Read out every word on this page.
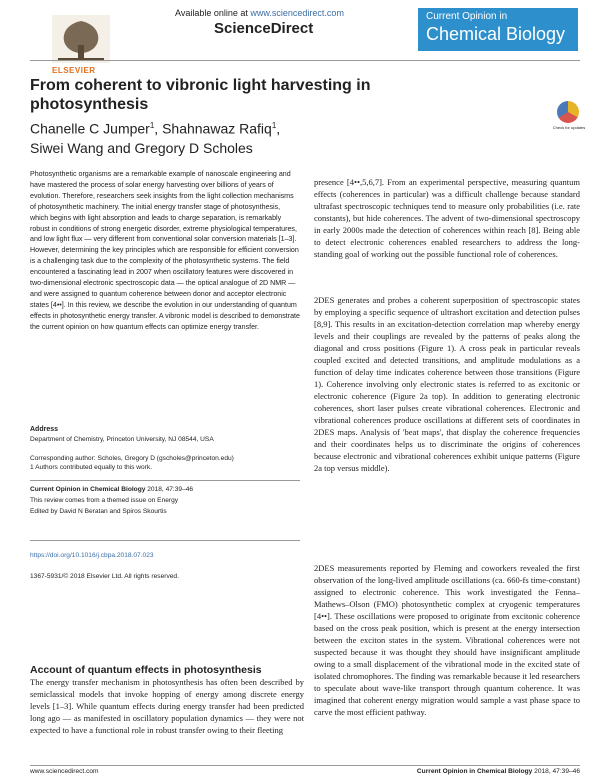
ELSEVIER
Available online at www.sciencedirect.com
ScienceDirect
Current Opinion in
Chemical Biology
From coherent to vibronic light harvesting in photosynthesis
Chanelle C Jumper$^1$, Shahnawaz Rafiq$^1$,
Siwei Wang and Gregory D Scholes
Check for updates
Photosynthetic organisms are a remarkable example of nanoscale engineering and have mastered the process of solar energy harvesting over billions of years of evolution. Therefore, researchers seek insights from the light collection mechanisms of photosynthetic machinery. The initial energy transfer stage of photosynthesis, which begins with light absorption and leads to charge separation, is remarkably robust in conditions of strong energetic disorder, extreme physiological temperatures, and low light flux — very different from conventional solar conversion materials [1–3]. However, determining the key principles which are responsible for efficient conversion is a challenging task due to the complexity of the photosynthetic systems. The field encountered a fascinating lead in 2007 when oscillatory features were discovered in two-dimensional electronic spectroscopic data — the optical analogue of 2D NMR — and were assigned to quantum coherence between donor and acceptor electronic states [4••]. In this review, we describe the evolution in our understanding of quantum effects in photosynthetic energy transfer. A vibronic model is described to demonstrate the current opinion on how quantum effects can optimize energy transfer.
Address
Department of Chemistry, Princeton University, NJ 08544, USA

Corresponding author: Scholes, Gregory D (gscholes@princeton.edu)
1 Authors contributed equally to this work.
Current Opinion in Chemical Biology 2018, 47:39–46
This review comes from a themed issue on Energy
Edited by David N Beratan and Spiros Skourtis
https://doi.org/10.1016/j.cbpa.2018.07.023
1367-5931/© 2018 Elsevier Ltd. All rights reserved.
Account of quantum effects in photosynthesis
The energy transfer mechanism in photosynthesis has often been described by semiclassical models that invoke hopping of energy among discrete energy levels [1–3]. While quantum effects during energy transfer had been predicted long ago — as manifested in oscillatory population dynamics — they were not expected to have a functional role in robust transfer owing to their fleeting
presence [4••,5,6,7]. From an experimental perspective, measuring quantum effects (coherences in particular) was a difficult challenge because standard ultrafast spectroscopic techniques tend to measure only probabilities (i.e. rate constants), but hide coherences. The advent of two-dimensional spectroscopy in early 2000s made the detection of coherences within reach [8]. Being able to detect electronic coherences enabled researchers to address the long-standing goal of working out the possible functional role of coherences.
2DES generates and probes a coherent superposition of spectroscopic states by employing a specific sequence of ultrashort excitation and detection pulses [8,9]. This results in an excitation-detection correlation map whereby energy levels and their couplings are revealed by the patterns of peaks along the diagonal and cross positions (Figure 1). A cross peak in particular reveals coupled excited and detected transitions, and amplitude modulations as a function of delay time indicates coherence between those transitions (Figure 1). Coherence involving only electronic states is referred to as excitonic or electronic coherence (Figure 2a top). In addition to generating electronic coherences, short laser pulses create vibrational coherences. Electronic and vibrational coherences produce oscillations at different sets of coordinates in 2DES maps. Analysis of 'beat maps', that display the coherence frequencies and their coordinates helps us to discriminate the origins of coherences because electronic and vibrational coherences exhibit unique patterns (Figure 2a top versus middle).
2DES measurements reported by Fleming and coworkers revealed the first observation of the long-lived amplitude oscillations (ca. 660-fs time-constant) assigned to electronic coherence. This work investigated the Fenna–Mathews–Olson (FMO) photosynthetic complex at cryogenic temperatures [4••]. These oscillations were proposed to originate from excitonic coherence based on the cross peak position, which is present at the energy intersection between the exciton states in the system. Vibrational coherences were not suspected because it was thought they should have insignificant amplitude owing to a small displacement of the vibrational mode in the excited state of isolated chromophores. The finding was remarkable because it led researchers to speculate about wave-like transport through quantum coherence. It was imagined that coherent energy migration would sample a vast phase space to carve the most efficient pathway.
www.sciencedirect.com	Current Opinion in Chemical Biology 2018, 47:39–46
